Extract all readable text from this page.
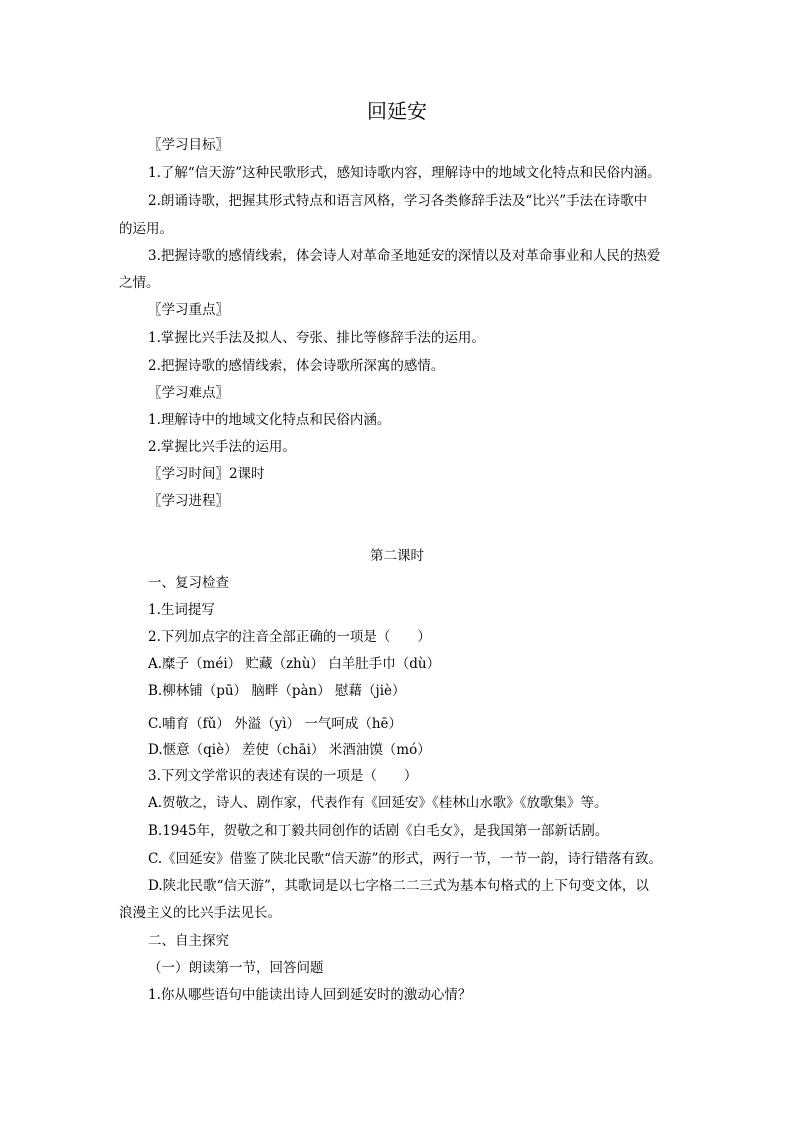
回延安
〖学习目标〗
1.了解“信天游”这种民歌形式，感知诗歌内容，理解诗中的地域文化特点和民俗内涵。
2.朗诵诗歌，把握其形式特点和语言风格，学习各类修辞手法及“比兴”手法在诗歌中
的运用。
3.把握诗歌的感情线索，体会诗人对革命圣地延安的深情以及对革命事业和人民的热爱
之情。
〖学习重点〗
1.掌握比兴手法及拟人、夸张、排比等修辞手法的运用。
2.把握诗歌的感情线索，体会诗歌所深寓的感情。
〖学习难点〗
1.理解诗中的地域文化特点和民俗内涵。
2.掌握比兴手法的运用。
〖学习时间〗2课时
〖学习进程〗
第二课时
一、复习检查
1.生词提写
2.下列加点字的注音全部正确的一项是（　　）
A.糜子（méi） 贮藏（zhù） 白羊肚手巾（dù）
B.柳林铺（pū） 脑畔（pàn） 慰藉（jiè）
C.哺育（fǔ） 外溢（yì） 一气呵成（hē）
D.惬意（qiè） 差使（chāi） 米酒油馍（mó）
3.下列文学常识的表述有误的一项是（　　）
A.贺敬之，诗人、剧作家，代表作有《回延安》《桂林山水歌》《放歌集》等。
B.1945年，贺敬之和丁毅共同创作的话剧《白毛女》，是我国第一部新话剧。
C.《回延安》借鉴了陕北民歌“信天游”的形式，两行一节，一节一韵，诗行错落有致。
D.陕北民歌“信天游”，其歌词是以七字格二二三式为基本句格式的上下句变文体，以
浪漫主义的比兴手法见长。
二、自主探究
（一）朗读第一节，回答问题
1.你从哪些语句中能读出诗人回到延安时的激动心情？
